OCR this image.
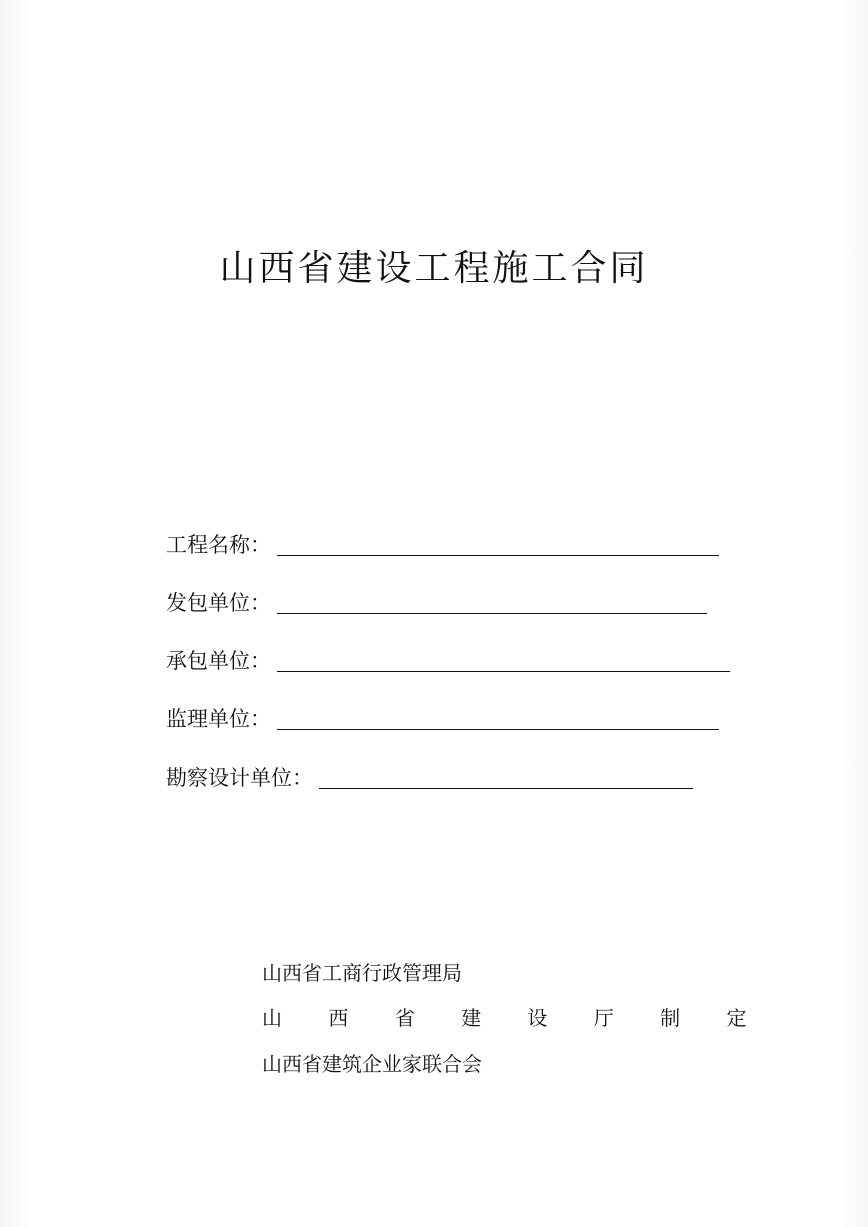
山西省建设工程施工合同
工程名称：
发包单位：
承包单位：
监理单位：
勘察设计单位：
山西省工商行政管理局
山 西 省 建 设 厅 制 定
山西省建筑企业家联合会
